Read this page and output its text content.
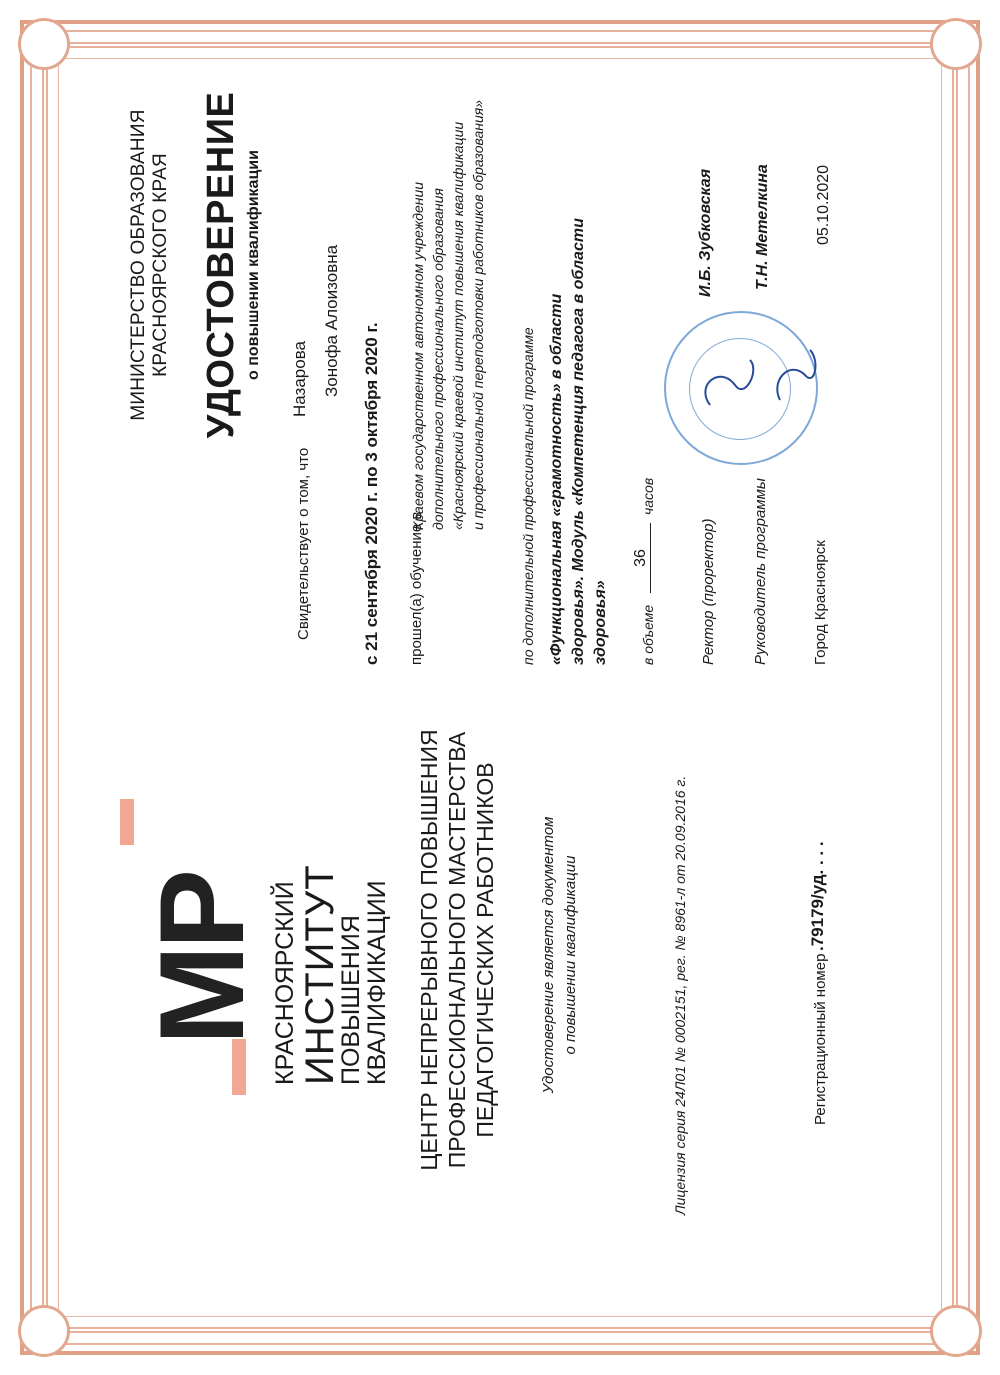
МР КРАСНОЯРСКИЙ ИНСТИТУТ
ПОВЫШЕНИЯ
КВАЛИФИКАЦИИ ЦЕНТР НЕПРЕРЫВНОГО ПОВЫШЕНИЯ ПРОФЕССИОНАЛЬНОГО МАСТЕРСТВА ПЕДАГОГИЧЕСКИХ РАБОТНИКОВ	Удостоверение является документом о повышении квалификации	Лицензия серия 24Л01 № 0002151, рег. № 8961-л от 20.09.2016 г.	Регистрационный номер
.79179/уд. . . .
МИНИСТЕРСТВО ОБРАЗОВАНИЯ КРАСНОЯРСКОГО КРАЯ УДОСТОВЕРЕНИЕ о повышении квалификации
Свидетельствует о том, что
Назарова Зонофа Алоизовна
с 21 сентября 2020 г. по 3 октября 2020 г. прошел(а) обучение в
Краевом государственном автономном учреждении дополнительного профессионального образования «Красноярский краевой институт повышения квалификации и профессиональной переподготовки работников образования» по дополнительной профессиональной программе «Функциональная «грамотность» в области здоровья». Модуль «Компетенция педагога в области здоровья» в объеме
36
часов
Ректор (проректор)
И.Б. Зубковская
Руководитель программы
Т.Н. Метелкина
Город Красноярск
05.10.2020
